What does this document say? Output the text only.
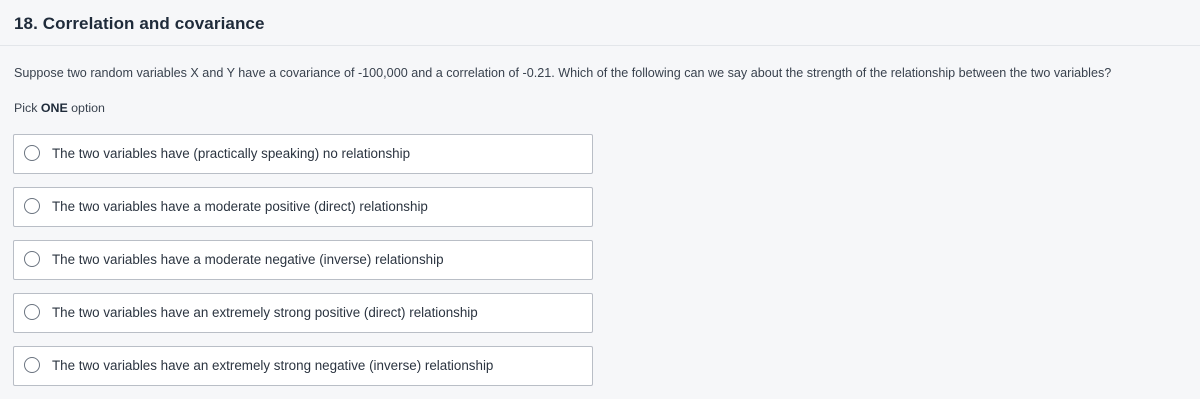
18. Correlation and covariance
Suppose two random variables X and Y have a covariance of -100,000 and a correlation of -0.21. Which of the following can we say about the strength of the relationship between the two variables?
Pick ONE option
The two variables have (practically speaking) no relationship
The two variables have a moderate positive (direct) relationship
The two variables have a moderate negative (inverse) relationship
The two variables have an extremely strong positive (direct) relationship
The two variables have an extremely strong negative (inverse) relationship
